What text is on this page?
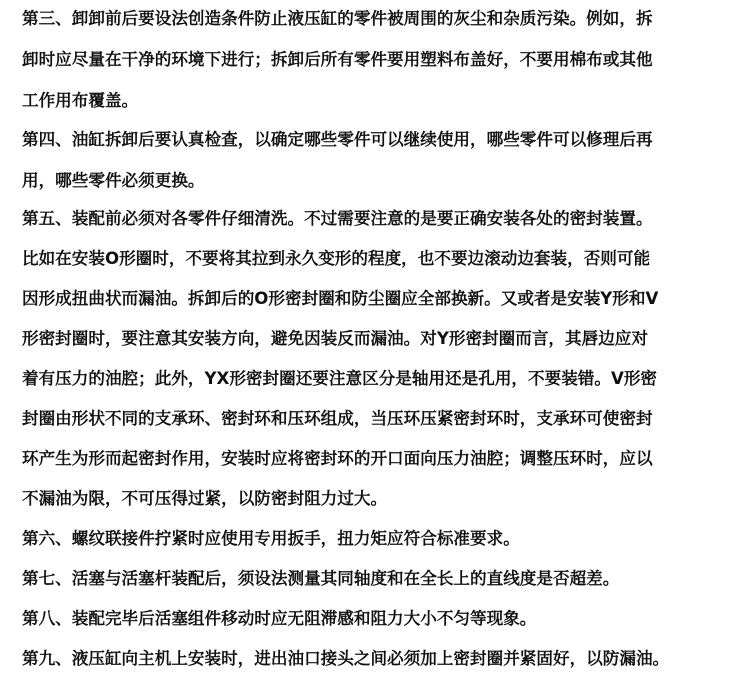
第三、卸卸前后要设法创造条件防止液压缸的零件被周围的灰尘和杂质污染。例如，拆
卸时应尽量在干净的环境下进行；拆卸后所有零件要用塑料布盖好，不要用棉布或其他
工作用布覆盖。
第四、油缸拆卸后要认真检查，以确定哪些零件可以继续使用，哪些零件可以修理后再
用，哪些零件必须更换。
第五、装配前必须对各零件仔细清洗。不过需要注意的是要正确安装各处的密封装置。
比如在安装O形圈时，不要将其拉到永久变形的程度，也不要边滚动边套装，否则可能
因形成扭曲状而漏油。拆卸后的O形密封圈和防尘圈应全部换新。又或者是安装Y形和V
形密封圈时，要注意其安装方向，避免因装反而漏油。对Y形密封圈而言，其唇边应对
着有压力的油腔；此外，YX形密封圈还要注意区分是轴用还是孔用，不要装错。V形密
封圈由形状不同的支承环、密封环和压环组成，当压环压紧密封环时，支承环可使密封
环产生为形而起密封作用，安装时应将密封环的开口面向压力油腔；调整压环时，应以
不漏油为限，不可压得过紧，以防密封阻力过大。
第六、螺纹联接件拧紧时应使用专用扳手，扭力矩应符合标准要求。
第七、活塞与活塞杆装配后，须设法测量其同轴度和在全长上的直线度是否超差。
第八、装配完毕后活塞组件移动时应无阻滞感和阻力大小不匀等现象。
第九、液压缸向主机上安装时，进出油口接头之间必须加上密封圈并紧固好，以防漏油。
